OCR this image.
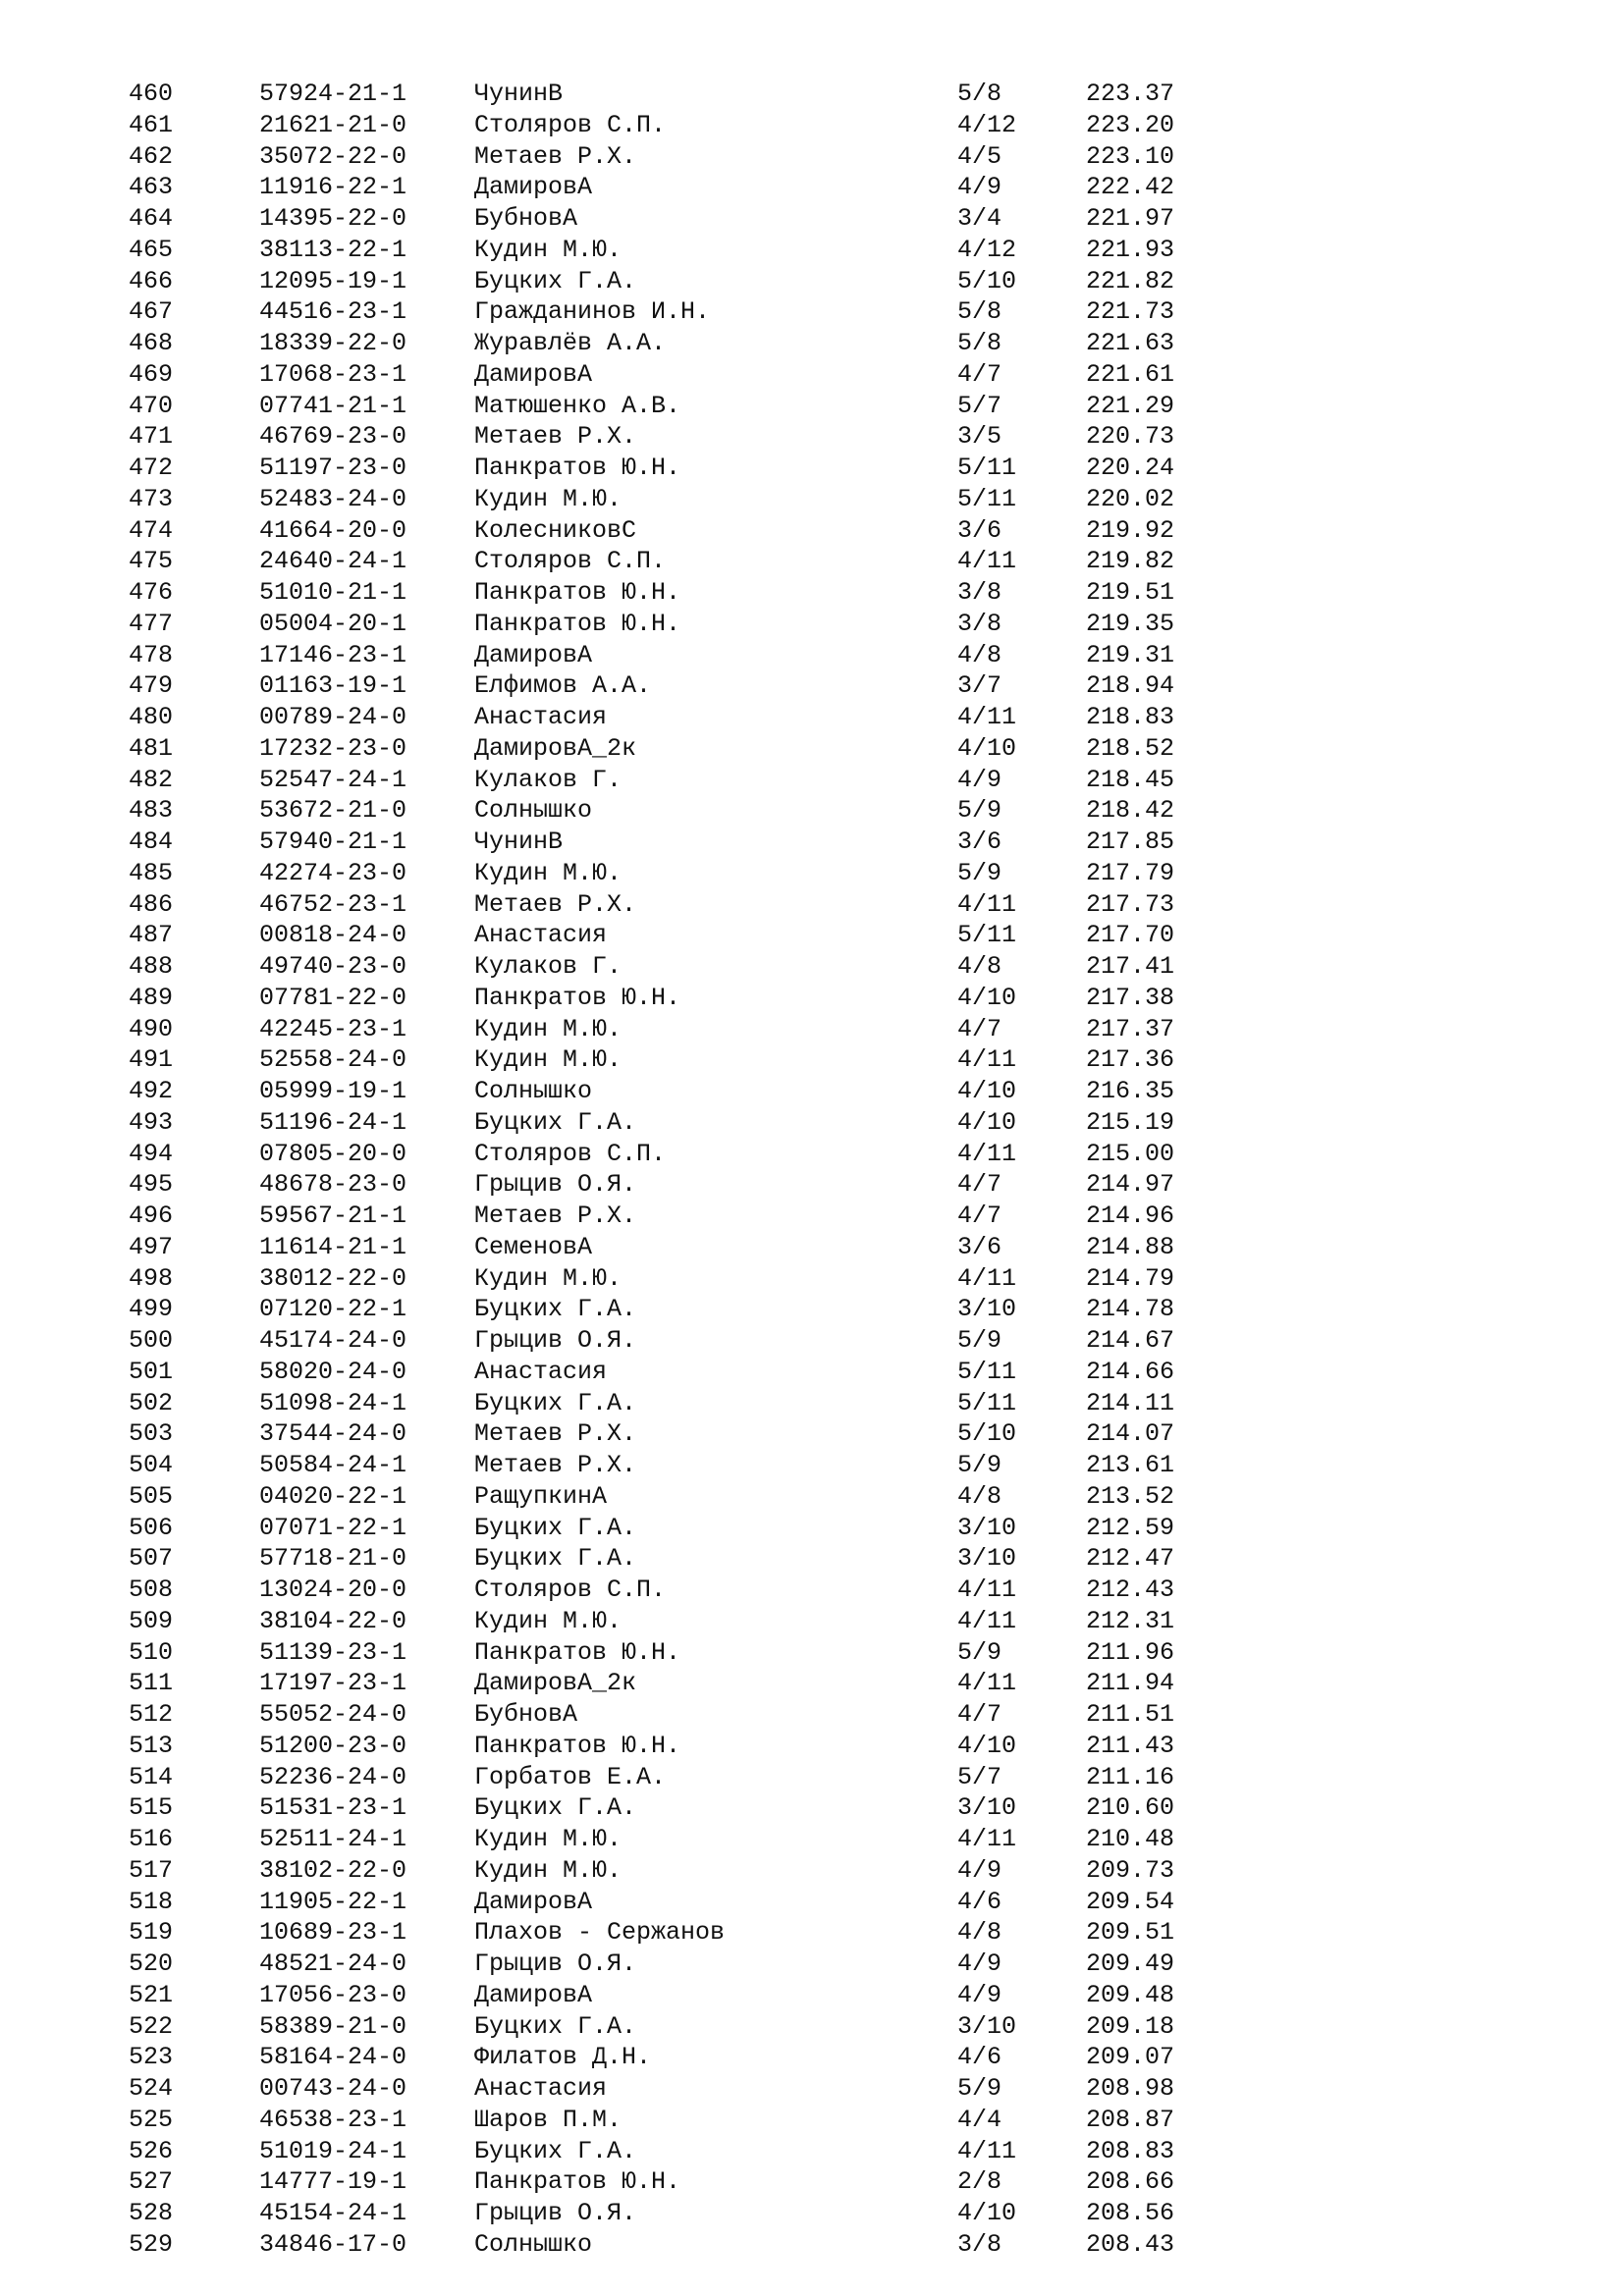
460	57924-21-1	ЧунинВ	5/8	223.37
461	21621-21-0	Столяров С.П.	4/12	223.20
462	35072-22-0	Метаев Р.Х.	4/5	223.10
463	11916-22-1	ДамировА	4/9	222.42
464	14395-22-0	БубновА	3/4	221.97
465	38113-22-1	Кудин М.Ю.	4/12	221.93
466	12095-19-1	Буцких Г.А.	5/10	221.82
467	44516-23-1	Гражданинов И.Н.	5/8	221.73
468	18339-22-0	Журавлёв А.А.	5/8	221.63
469	17068-23-1	ДамировА	4/7	221.61
470	07741-21-1	Матюшенко А.В.	5/7	221.29
471	46769-23-0	Метаев Р.Х.	3/5	220.73
472	51197-23-0	Панкратов Ю.Н.	5/11	220.24
473	52483-24-0	Кудин М.Ю.	5/11	220.02
474	41664-20-0	КолесниковС	3/6	219.92
475	24640-24-1	Столяров С.П.	4/11	219.82
476	51010-21-1	Панкратов Ю.Н.	3/8	219.51
477	05004-20-1	Панкратов Ю.Н.	3/8	219.35
478	17146-23-1	ДамировА	4/8	219.31
479	01163-19-1	Елфимов А.А.	3/7	218.94
480	00789-24-0	Анастасия	4/11	218.83
481	17232-23-0	ДамировА_2к	4/10	218.52
482	52547-24-1	Кулаков Г.	4/9	218.45
483	53672-21-0	Солнышко	5/9	218.42
484	57940-21-1	ЧунинВ	3/6	217.85
485	42274-23-0	Кудин М.Ю.	5/9	217.79
486	46752-23-1	Метаев Р.Х.	4/11	217.73
487	00818-24-0	Анастасия	5/11	217.70
488	49740-23-0	Кулаков Г.	4/8	217.41
489	07781-22-0	Панкратов Ю.Н.	4/10	217.38
490	42245-23-1	Кудин М.Ю.	4/7	217.37
491	52558-24-0	Кудин М.Ю.	4/11	217.36
492	05999-19-1	Солнышко	4/10	216.35
493	51196-24-1	Буцких Г.А.	4/10	215.19
494	07805-20-0	Столяров С.П.	4/11	215.00
495	48678-23-0	Грыцив О.Я.	4/7	214.97
496	59567-21-1	Метаев Р.Х.	4/7	214.96
497	11614-21-1	СеменовА	3/6	214.88
498	38012-22-0	Кудин М.Ю.	4/11	214.79
499	07120-22-1	Буцких Г.А.	3/10	214.78
500	45174-24-0	Грыцив О.Я.	5/9	214.67
501	58020-24-0	Анастасия	5/11	214.66
502	51098-24-1	Буцких Г.А.	5/11	214.11
503	37544-24-0	Метаев Р.Х.	5/10	214.07
504	50584-24-1	Метаев Р.Х.	5/9	213.61
505	04020-22-1	РащупкинА	4/8	213.52
506	07071-22-1	Буцких Г.А.	3/10	212.59
507	57718-21-0	Буцких Г.А.	3/10	212.47
508	13024-20-0	Столяров С.П.	4/11	212.43
509	38104-22-0	Кудин М.Ю.	4/11	212.31
510	51139-23-1	Панкратов Ю.Н.	5/9	211.96
511	17197-23-1	ДамировА_2к	4/11	211.94
512	55052-24-0	БубновА	4/7	211.51
513	51200-23-0	Панкратов Ю.Н.	4/10	211.43
514	52236-24-0	Горбатов Е.А.	5/7	211.16
515	51531-23-1	Буцких Г.А.	3/10	210.60
516	52511-24-1	Кудин М.Ю.	4/11	210.48
517	38102-22-0	Кудин М.Ю.	4/9	209.73
518	11905-22-1	ДамировА	4/6	209.54
519	10689-23-1	Плахов - Сержанов	4/8	209.51
520	48521-24-0	Грыцив О.Я.	4/9	209.49
521	17056-23-0	ДамировА	4/9	209.48
522	58389-21-0	Буцких Г.А.	3/10	209.18
523	58164-24-0	Филатов Д.Н.	4/6	209.07
524	00743-24-0	Анастасия	5/9	208.98
525	46538-23-1	Шаров П.М.	4/4	208.87
526	51019-24-1	Буцких Г.А.	4/11	208.83
527	14777-19-1	Панкратов Ю.Н.	2/8	208.66
528	45154-24-1	Грыцив О.Я.	4/10	208.56
529	34846-17-0	Солнышко	3/8	208.43
